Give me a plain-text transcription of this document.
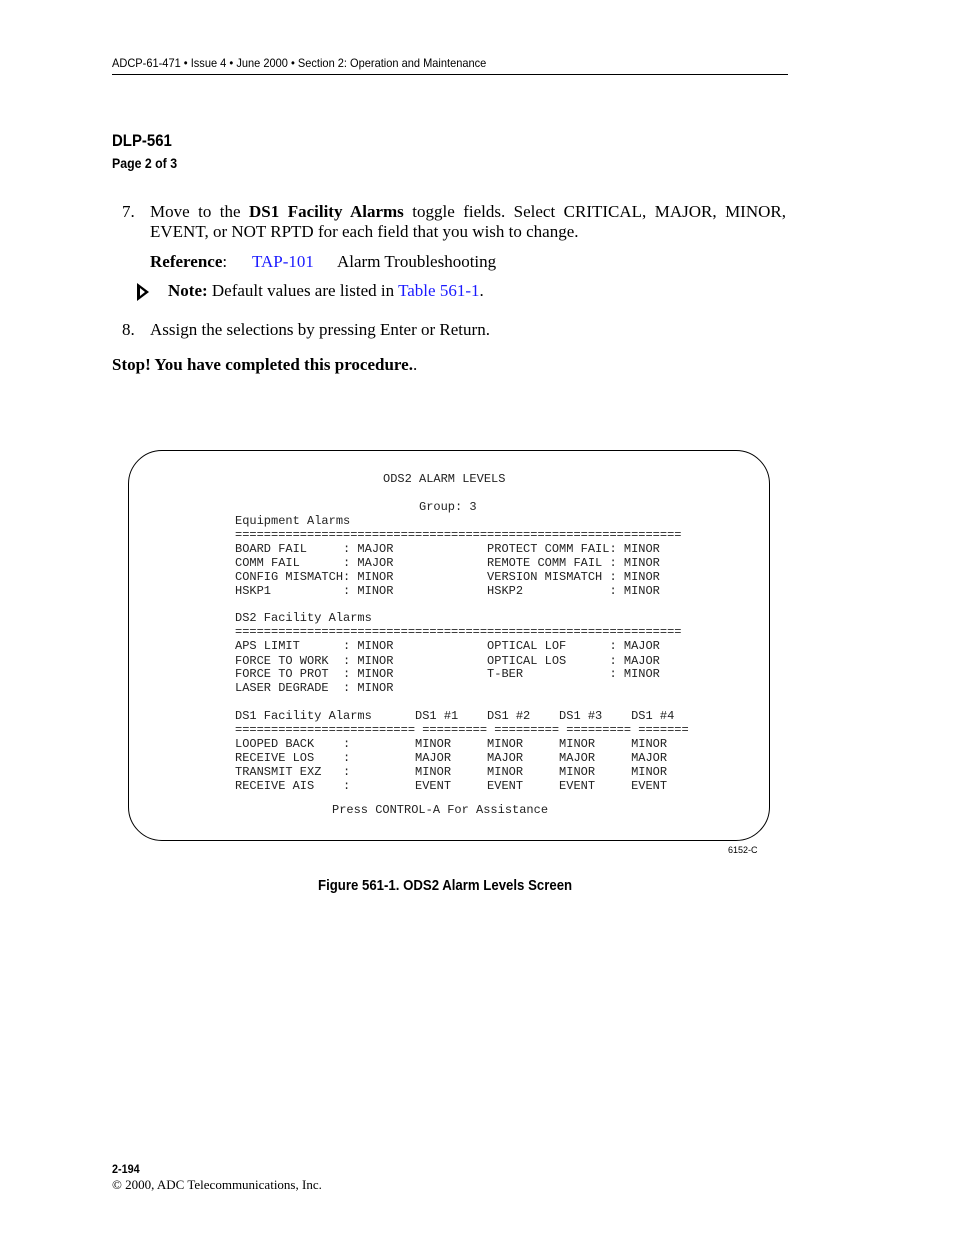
ADCP-61-471 • Issue 4 • June 2000 • Section 2: Operation and Maintenance
DLP-561
Page 2 of 3
7. Move to the DS1 Facility Alarms toggle fields. Select CRITICAL, MAJOR, MINOR, EVENT, or NOT RPTD for each field that you wish to change.
Reference: TAP-101 Alarm Troubleshooting
Note: Default values are listed in Table 561-1.
8. Assign the selections by pressing Enter or Return.
Stop! You have completed this procedure..
ODS2 ALARM LEVELS
Group: 3
Equipment Alarms
==============================================================
BOARD FAIL     : MAJOR             PROTECT COMM FAIL: MINOR
COMM FAIL      : MAJOR             REMOTE COMM FAIL : MINOR
CONFIG MISMATCH: MINOR             VERSION MISMATCH : MINOR
HSKP1          : MINOR             HSKP2            : MINOR
DS2 Facility Alarms
==============================================================
APS LIMIT      : MINOR             OPTICAL LOF      : MAJOR
FORCE TO WORK  : MINOR             OPTICAL LOS      : MAJOR
FORCE TO PROT  : MINOR             T-BER            : MINOR
LASER DEGRADE  : MINOR
DS1 Facility Alarms      DS1 #1    DS1 #2    DS1 #3    DS1 #4
========================= ========= ========= ========= =======
LOOPED BACK    :         MINOR     MINOR     MINOR     MINOR
RECEIVE LOS    :         MAJOR     MAJOR     MAJOR     MAJOR
TRANSMIT EXZ   :         MINOR     MINOR     MINOR     MINOR
RECEIVE AIS    :         EVENT     EVENT     EVENT     EVENT
Press CONTROL-A For Assistance
6152-C
Figure 561-1. ODS2 Alarm Levels Screen
2-194
© 2000, ADC Telecommunications, Inc.
